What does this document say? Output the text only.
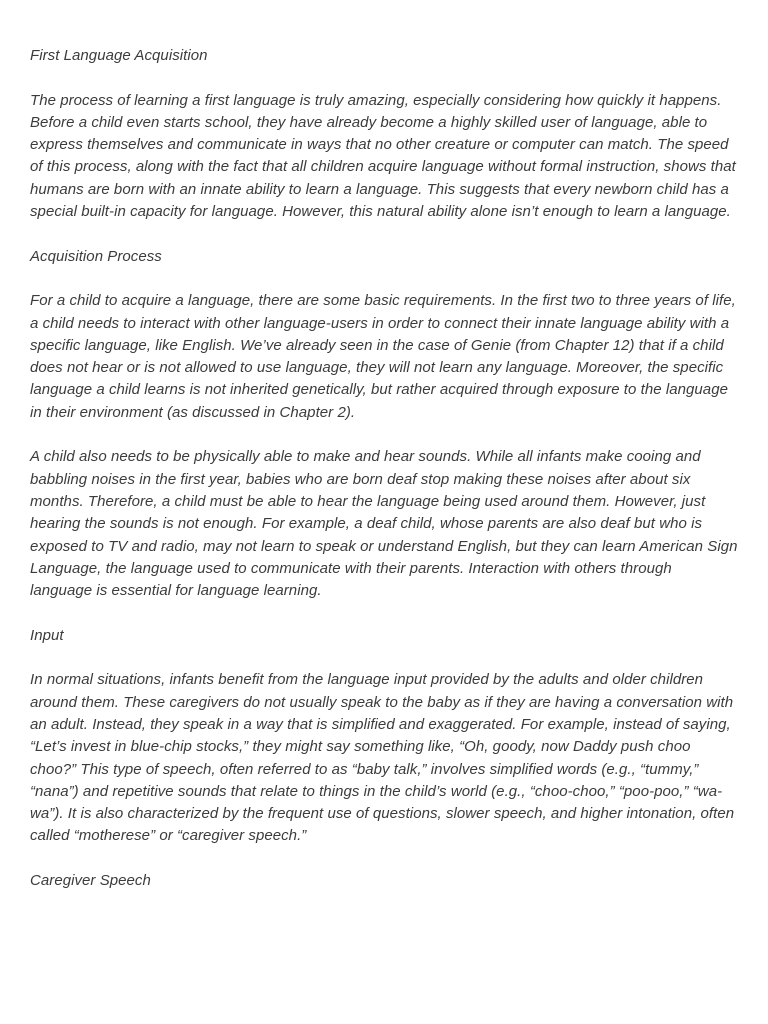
First Language Acquisition

The process of learning a first language is truly amazing, especially considering how quickly it happens. Before a child even starts school, they have already become a highly skilled user of language, able to express themselves and communicate in ways that no other creature or computer can match. The speed of this process, along with the fact that all children acquire language without formal instruction, shows that humans are born with an innate ability to learn a language. This suggests that every newborn child has a special built-in capacity for language. However, this natural ability alone isn’t enough to learn a language.

Acquisition Process

For a child to acquire a language, there are some basic requirements. In the first two to three years of life, a child needs to interact with other language-users in order to connect their innate language ability with a specific language, like English. We’ve already seen in the case of Genie (from Chapter 12) that if a child does not hear or is not allowed to use language, they will not learn any language. Moreover, the specific language a child learns is not inherited genetically, but rather acquired through exposure to the language in their environment (as discussed in Chapter 2).

A child also needs to be physically able to make and hear sounds. While all infants make cooing and babbling noises in the first year, babies who are born deaf stop making these noises after about six months. Therefore, a child must be able to hear the language being used around them. However, just hearing the sounds is not enough. For example, a deaf child, whose parents are also deaf but who is exposed to TV and radio, may not learn to speak or understand English, but they can learn American Sign Language, the language used to communicate with their parents. Interaction with others through language is essential for language learning.

Input

In normal situations, infants benefit from the language input provided by the adults and older children around them. These caregivers do not usually speak to the baby as if they are having a conversation with an adult. Instead, they speak in a way that is simplified and exaggerated. For example, instead of saying, “Let’s invest in blue-chip stocks,” they might say something like, “Oh, goody, now Daddy push choo choo?” This type of speech, often referred to as “baby talk,” involves simplified words (e.g., “tummy,” “nana”) and repetitive sounds that relate to things in the child’s world (e.g., “choo-choo,” “poo-poo,” “wa-wa”). It is also characterized by the frequent use of questions, slower speech, and higher intonation, often called “motherese” or “caregiver speech.”

Caregiver Speech
